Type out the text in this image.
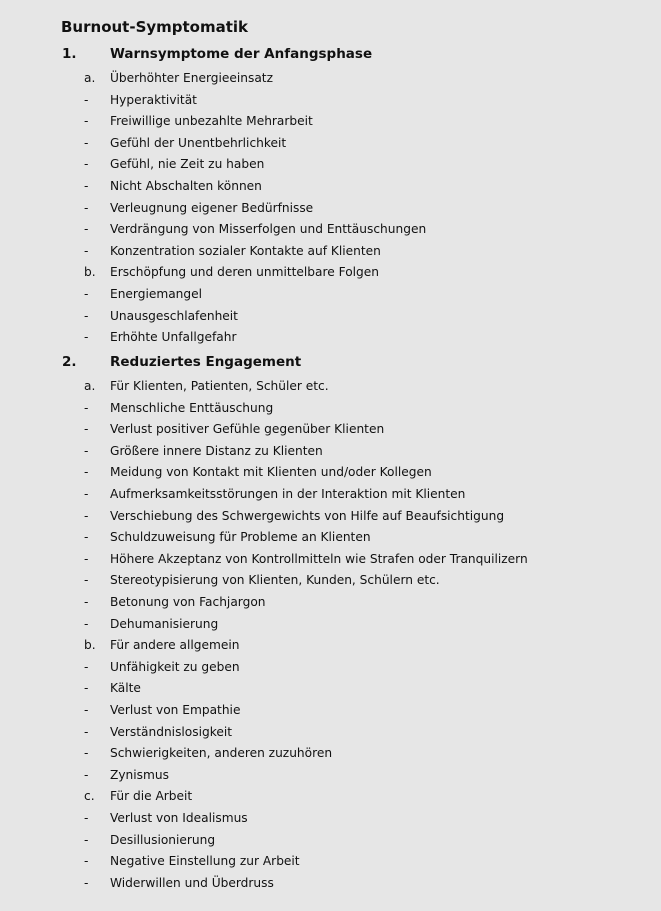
Burnout-Symptomatik
1. Warnsymptome der Anfangsphase
a. Überhöhter Energieeinsatz
-	Hyperaktivität
-	Freiwillige unbezahlte Mehrarbeit
-	Gefühl der Unentbehrlichkeit
-	Gefühl, nie Zeit zu haben
-	Nicht Abschalten können
-	Verleugnung eigener Bedürfnisse
-	Verdrängung von Misserfolgen und Enttäuschungen
-	Konzentration sozialer Kontakte auf Klienten
b. Erschöpfung und deren unmittelbare Folgen
-	Energiemangel
-	Unausgeschlafenheit
-	Erhöhte Unfallgefahr
2. Reduziertes Engagement
a. Für Klienten, Patienten, Schüler etc.
-	Menschliche Enttäuschung
-	Verlust positiver Gefühle gegenüber Klienten
-	Größere innere Distanz zu Klienten
-	Meidung von Kontakt mit Klienten und/oder Kollegen
-	Aufmerksamkeitsstörungen in der Interaktion mit Klienten
-	Verschiebung des Schwergewichts von Hilfe auf Beaufsichtigung
-	Schuldzuweisung für Probleme an Klienten
-	Höhere Akzeptanz von Kontrollmitteln wie Strafen oder Tranquilizern
-	Stereotypisierung von Klienten, Kunden, Schülern etc.
-	Betonung von Fachjargon
-	Dehumanisierung
b. Für andere allgemein
-	Unfähigkeit zu geben
-	Kälte
-	Verlust von Empathie
-	Verständnislosigkeit
-	Schwierigkeiten, anderen zuzuhören
-	Zynismus
c. Für die Arbeit
-	Verlust von Idealismus
-	Desillusionierung
-	Negative Einstellung zur Arbeit
-	Widerwillen und Überdruss
